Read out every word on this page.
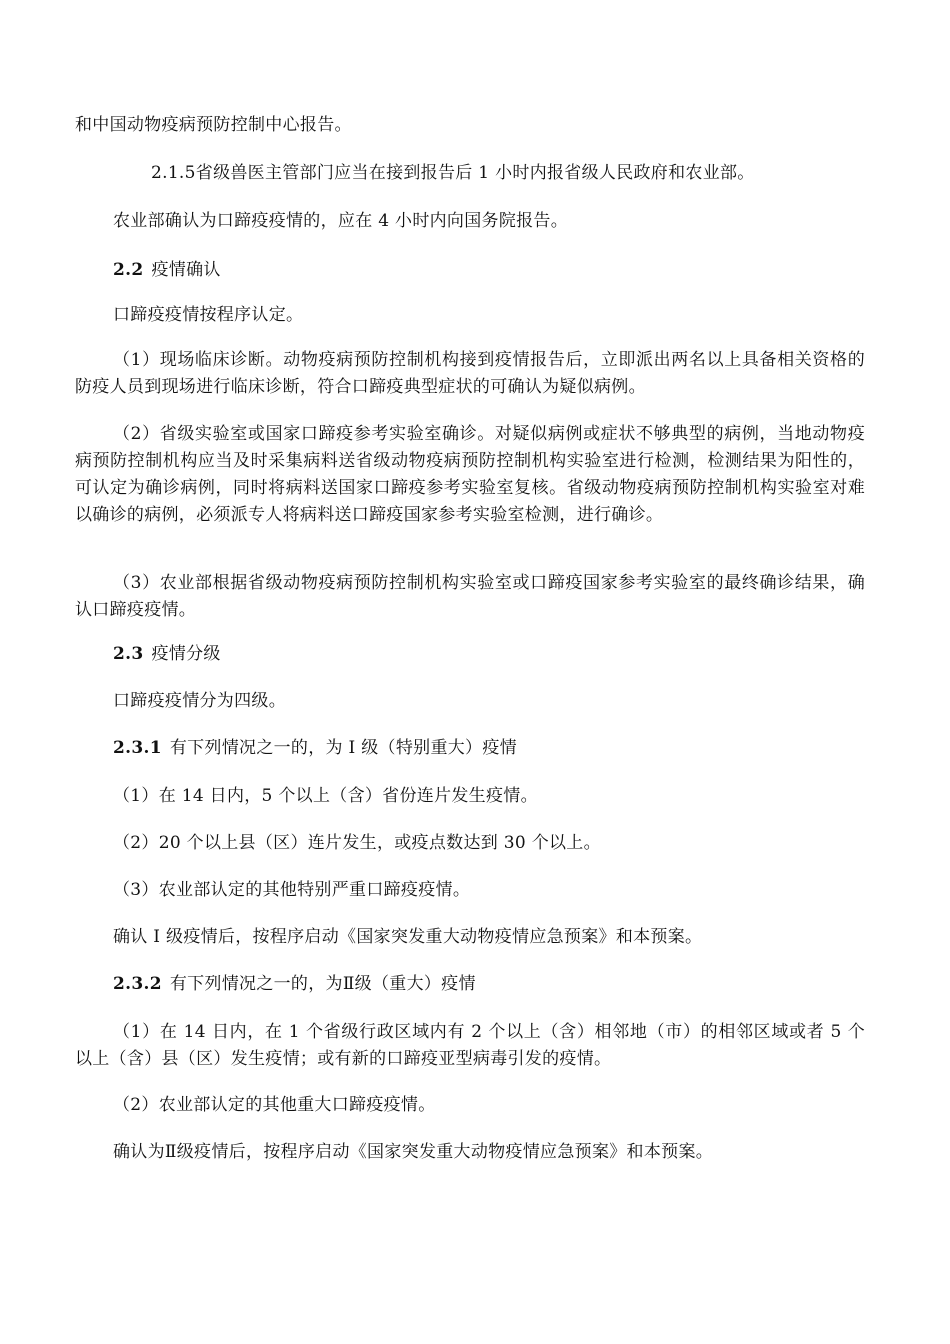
和中国动物疫病预防控制中心报告。
2.1.5省级兽医主管部门应当在接到报告后 1 小时内报省级人民政府和农业部。
农业部确认为口蹄疫疫情的，应在 4 小时内向国务院报告。
2.2 疫情确认
口蹄疫疫情按程序认定。
（1）现场临床诊断。动物疫病预防控制机构接到疫情报告后，立即派出两名以上具备相关资格的防疫人员到现场进行临床诊断，符合口蹄疫典型症状的可确认为疑似病例。
（2）省级实验室或国家口蹄疫参考实验室确诊。对疑似病例或症状不够典型的病例，当地动物疫病预防控制机构应当及时采集病料送省级动物疫病预防控制机构实验室进行检测，检测结果为阳性的，可认定为确诊病例，同时将病料送国家口蹄疫参考实验室复核。省级动物疫病预防控制机构实验室对难以确诊的病例，必须派专人将病料送口蹄疫国家参考实验室检测，进行确诊。
（3）农业部根据省级动物疫病预防控制机构实验室或口蹄疫国家参考实验室的最终确诊结果，确认口蹄疫疫情。
2.3 疫情分级
口蹄疫疫情分为四级。
2.3.1 有下列情况之一的，为 I 级（特别重大）疫情
（1）在 14 日内，5 个以上（含）省份连片发生疫情。
（2）20 个以上县（区）连片发生，或疫点数达到 30 个以上。
（3）农业部认定的其他特别严重口蹄疫疫情。
确认 I 级疫情后，按程序启动《国家突发重大动物疫情应急预案》和本预案。
2.3.2 有下列情况之一的，为Ⅱ级（重大）疫情
（1）在 14 日内，在 1 个省级行政区域内有 2 个以上（含）相邻地（市）的相邻区域或者 5 个以上（含）县（区）发生疫情；或有新的口蹄疫亚型病毒引发的疫情。
（2）农业部认定的其他重大口蹄疫疫情。
确认为Ⅱ级疫情后，按程序启动《国家突发重大动物疫情应急预案》和本预案。
